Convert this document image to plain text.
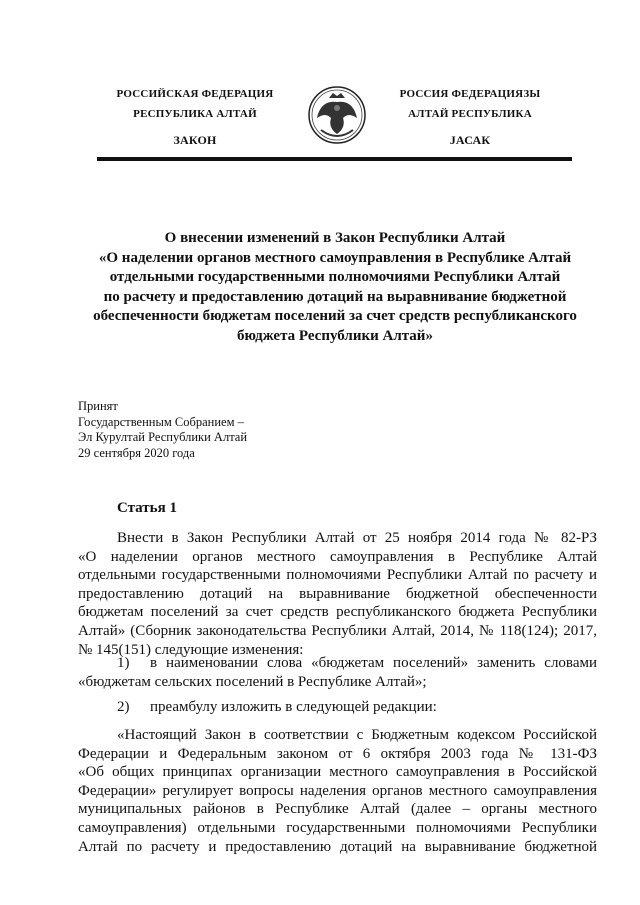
РОССИЙСКАЯ ФЕДЕРАЦИЯ
РЕСПУБЛИКА АЛТАЙ
ЗАКОН
РОССИЯ ФЕДЕРАЦИЯЗЫ
АЛТАЙ РЕСПУБЛИКА
JАСАК
О внесении изменений в Закон Республики Алтай
«О наделении органов местного самоуправления в Республике Алтай
отдельными государственными полномочиями Республики Алтай
по расчету и предоставлению дотаций на выравнивание бюджетной
обеспеченности бюджетам поселений за счет средств республиканского
бюджета Республики Алтай»
Принят
Государственным Собранием –
Эл Курултай Республики Алтай
29 сентября 2020 года
Статья 1
Внести в Закон Республики Алтай от 25 ноября 2014 года № 82-РЗ
«О наделении органов местного самоуправления в Республике Алтай
отдельными государственными полномочиями Республики Алтай по расчету и
предоставлению дотаций на выравнивание бюджетной обеспеченности
бюджетам поселений за счет средств республиканского бюджета Республики
Алтай» (Сборник законодательства Республики Алтай, 2014, № 118(124); 2017,
№ 145(151) следующие изменения:
1)	в наименовании слова «бюджетам поселений» заменить словами
«бюджетам сельских поселений в Республике Алтай»;
2)	преамбулу изложить в следующей редакции:
«Настоящий Закон в соответствии с Бюджетным кодексом Российской
Федерации и Федеральным законом от 6 октября 2003 года № 131-ФЗ
«Об общих принципах организации местного самоуправления в Российской
Федерации» регулирует вопросы наделения органов местного самоуправления
муниципальных районов в Республике Алтай (далее – органы местного
самоуправления) отдельными государственными полномочиями Республики
Алтай по расчету и предоставлению дотаций на выравнивание бюджетной
